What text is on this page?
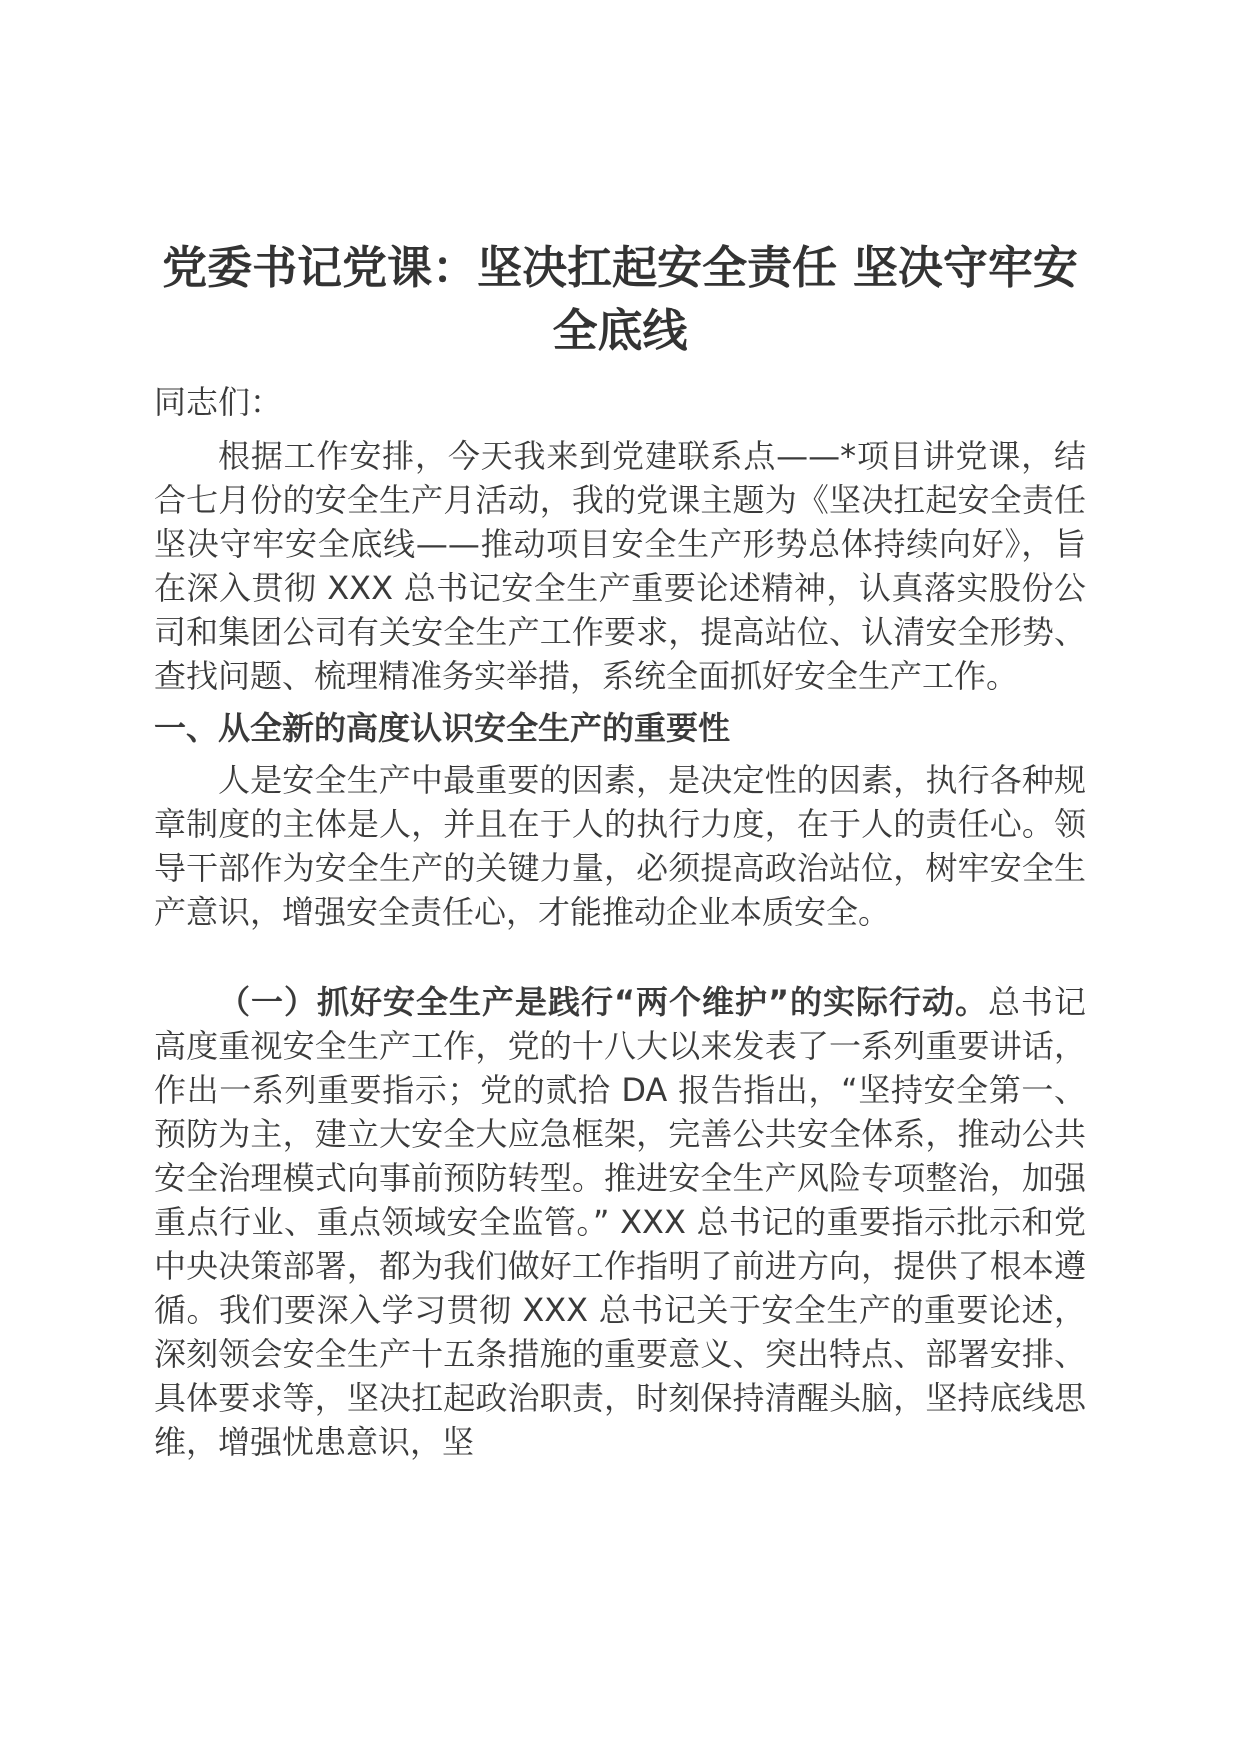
党委书记党课：坚决扛起安全责任 坚决守牢安全底线

同志们：

根据工作安排，今天我来到党建联系点——*项目讲党课，结合七月份的安全生产月活动，我的党课主题为《坚决扛起安全责任 坚决守牢安全底线——推动项目安全生产形势总体持续向好》，旨在深入贯彻 XXX 总书记安全生产重要论述精神，认真落实股份公司和集团公司有关安全生产工作要求，提高站位、认清安全形势、查找问题、梳理精准务实举措，系统全面抓好安全生产工作。

一、从全新的高度认识安全生产的重要性

人是安全生产中最重要的因素，是决定性的因素，执行各种规章制度的主体是人，并且在于人的执行力度，在于人的责任心。领导干部作为安全生产的关键力量，必须提高政治站位，树牢安全生产意识，增强安全责任心，才能推动企业本质安全。

（一）抓好安全生产是践行“两个维护”的实际行动。总书记高度重视安全生产工作，党的十八大以来发表了一系列重要讲话，作出一系列重要指示；党的贰拾 DA 报告指出，“坚持安全第一、预防为主，建立大安全大应急框架，完善公共安全体系，推动公共安全治理模式向事前预防转型。推进安全生产风险专项整治，加强重点行业、重点领域安全监管。” XXX 总书记的重要指示批示和党中央决策部署，都为我们做好工作指明了前进方向，提供了根本遵循。我们要深入学习贯彻 XXX 总书记关于安全生产的重要论述，深刻领会安全生产十五条措施的重要意义、突出特点、部署安排、具体要求等，坚决扛起政治职责，时刻保持清醒头脑，坚持底线思维，增强忧患意识，坚
